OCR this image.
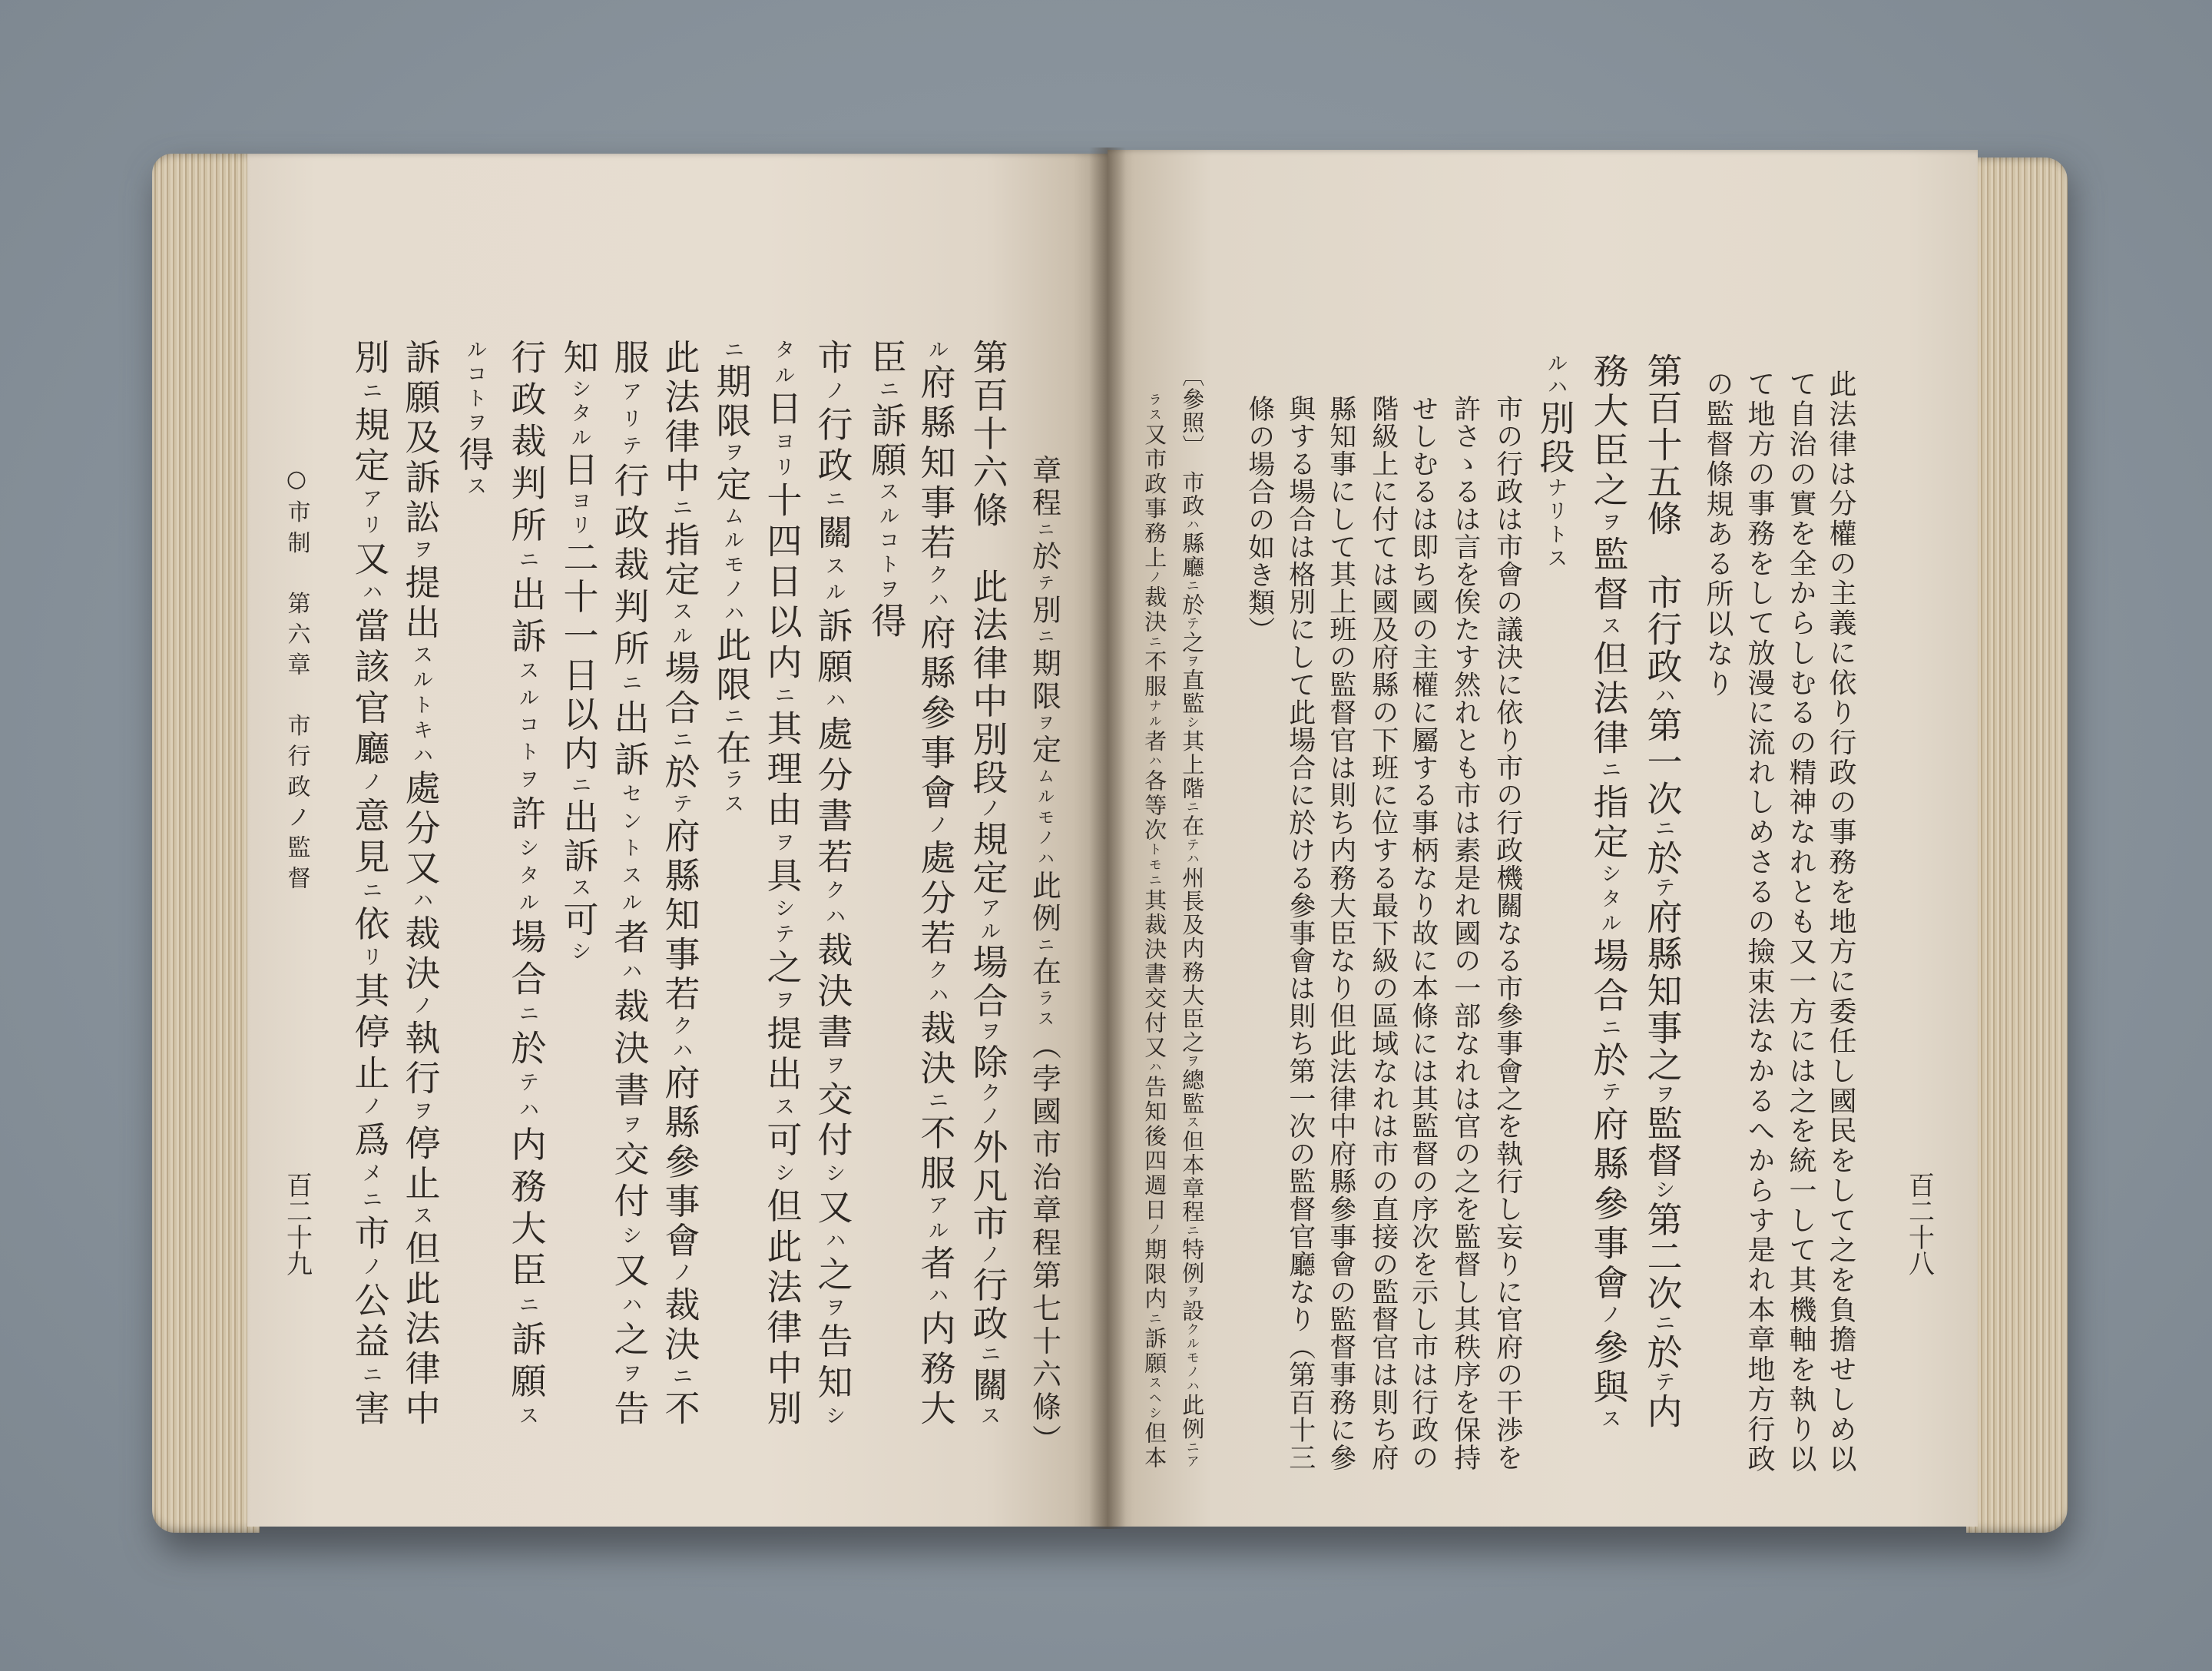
章程ニ於テ別ニ期限ヲ定ムルモノハ此例ニ在ラス（孛國市治章程第七十六條）
第百十六條　此法律中別段ノ規定アル場合ヲ除クノ外凡市ノ行政ニ關ス
ル府縣知事若クハ府縣參事會ノ處分若クハ裁決ニ不服アル者ハ内務大
臣ニ訴願スルコトヲ得
市ノ行政ニ關スル訴願ハ處分書若クハ裁決書ヲ交付シ又ハ之ヲ告知シ
タル日ヨリ十四日以内ニ其理由ヲ具シテ之ヲ提出ス可シ但此法律中別
ニ期限ヲ定ムルモノハ此限ニ在ラス
此法律中ニ指定スル場合ニ於テ府縣知事若クハ府縣參事會ノ裁決ニ不
服アリテ行政裁判所ニ出訴セントスル者ハ裁決書ヲ交付シ又ハ之ヲ告
知シタル日ヨリ二十一日以内ニ出訴ス可シ
行政裁判所ニ出訴スルコトヲ許シタル場合ニ於テハ内務大臣ニ訴願ス
ルコトヲ得ス
訴願及訴訟ヲ提出スルトキハ處分又ハ裁決ノ執行ヲ停止ス但此法律中
別ニ規定アリ又ハ當該官廳ノ意見ニ依リ其停止ノ爲メニ市ノ公益ニ害
○市制　第六章　市行政ノ監督
百二十九	百二十八
此法律は分權の主義に依り行政の事務を地方に委任し國民をして之を負擔せしめ以
て自治の實を全からしむるの精神なれとも又一方には之を統一して其機軸を執り以
て地方の事務をして放漫に流れしめさるの撿束法なかるへからす是れ本章地方行政
の監督條規ある所以なり
第百十五條　市行政ハ第一次ニ於テ府縣知事之ヲ監督シ第二次ニ於テ内
務大臣之ヲ監督ス但法律ニ指定シタル場合ニ於テ府縣參事會ノ參與ス
ルハ別段ナリトス
市の行政は市會の議決に依り市の行政機關なる市參事會之を執行し妄りに官府の干渉を
許さゝるは言を俟たす然れとも市は素是れ國の一部なれは官の之を監督し其秩序を保持
せしむるは即ち國の主權に屬する事柄なり故に本條には其監督の序次を示し市は行政の
階級上に付ては國及府縣の下班に位する最下級の區域なれは市の直接の監督官は則ち府
縣知事にして其上班の監督官は則ち内務大臣なり但此法律中府縣參事會の監督事務に參
與する場合は格別にして此場合に於ける參事會は則ち第一次の監督官廳なり（第百十三
條の場合の如き類）
〔參照〕　市政ハ縣廳ニ於テ之ヲ直監シ其上階ニ在テハ州長及内務大臣之ヲ總監ス但本章程ニ特例ヲ設クルモノハ此例ニア
ラス又市政事務上ノ裁決ニ不服ナル者ハ各等次トモニ其裁決書交付又ハ告知後四週日ノ期限内ニ訴願スヘシ但本
